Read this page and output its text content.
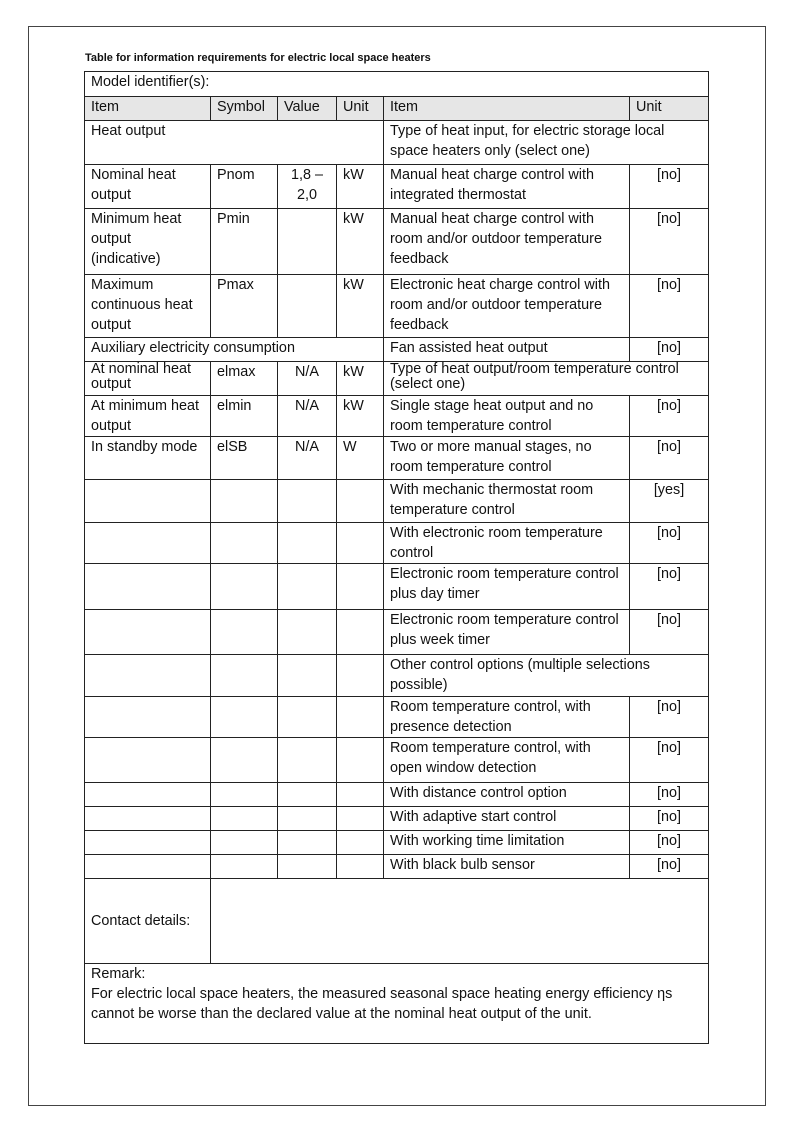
Table for information requirements for electric local space heaters
Model identifier(s):					
Item	Symbol	Value	Unit	Item	Unit
Heat output				Type of heat input, for electric storage local space heaters only (select one)	
Nominal heat output	Pnom	1,8 – 2,0	kW	Manual heat charge control with integrated thermostat	[no]
Minimum heat output (indicative)	Pmin		kW	Manual heat charge control with room and/or outdoor temperature feedback	[no]
Maximum continuous heat output	Pmax		kW	Electronic heat charge control with room and/or outdoor temperature feedback	[no]
Auxiliary electricity consumption				Fan assisted heat output	[no]
At nominal heat output	elmax	N/A	kW	Type of heat output/room temperature control (select one)	
At minimum heat output	elmin	N/A	kW	Single stage heat output and no room temperature control	[no]
In standby mode	elSB	N/A	W	Two or more manual stages, no room temperature control	[no]
				With mechanic thermostat room temperature control	[yes]
				With electronic room temperature control	[no]
				Electronic room temperature control plus day timer	[no]
				Electronic room temperature control plus week timer	[no]
				Other control options (multiple selections possible)	
				Room temperature control, with presence detection	[no]
				Room temperature control, with open window detection	[no]
				With distance control option	[no]
				With adaptive start control	[no]
				With working time limitation	[no]
				With black bulb sensor	[no]
Contact details:					

Remark:

For electric local space heaters, the measured seasonal space heating energy efficiency ηs cannot be worse than the declared value at the nominal heat output of the unit.					
